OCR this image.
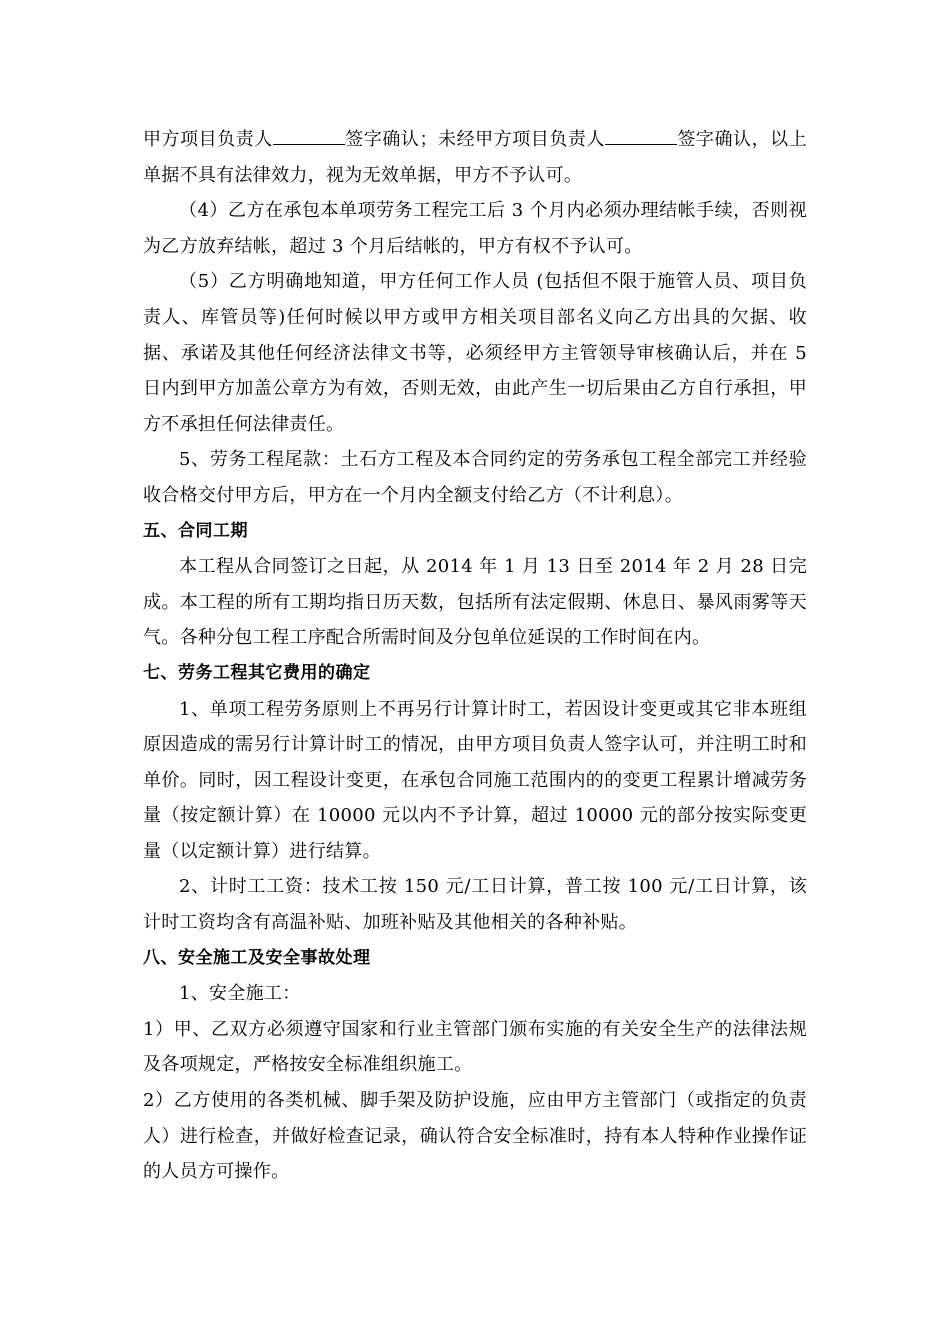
甲方项目负责人	签字确认；未经甲方项目负责人	签字确认，以上单据不具有法律效力，视为无效单据，甲方不予认可。

（4）乙方在承包本单项劳务工程完工后 3 个月内必须办理结帐手续，否则视为乙方放弃结帐，超过 3 个月后结帐的，甲方有权不予认可。

（5）乙方明确地知道，甲方任何工作人员 (包括但不限于施管人员、项目负责人、库管员等)任何时候以甲方或甲方相关项目部名义向乙方出具的欠据、收据、承诺及其他任何经济法律文书等，必须经甲方主管领导审核确认后，并在 5 日内到甲方加盖公章方为有效，否则无效，由此产生一切后果由乙方自行承担，甲方不承担任何法律责任。

5、劳务工程尾款：土石方工程及本合同约定的劳务承包工程全部完工并经验收合格交付甲方后，甲方在一个月内全额支付给乙方（不计利息）。

五、合同工期

本工程从合同签订之日起，从 2014 年 1 月 13 日至 2014 年 2 月 28 日完成。本工程的所有工期均指日历天数，包括所有法定假期、休息日、暴风雨雾等天气。各种分包工程工序配合所需时间及分包单位延误的工作时间在内。

七、劳务工程其它费用的确定

1、单项工程劳务原则上不再另行计算计时工，若因设计变更或其它非本班组原因造成的需另行计算计时工的情况，由甲方项目负责人签字认可，并注明工时和单价。同时，因工程设计变更，在承包合同施工范围内的的变更工程累计增减劳务量（按定额计算）在 10000 元以内不予计算，超过 10000 元的部分按实际变更量（以定额计算）进行结算。

2、计时工工资：技术工按 150 元/工日计算，普工按 100 元/工日计算，该计时工资均含有高温补贴、加班补贴及其他相关的各种补贴。

八、安全施工及安全事故处理

1、安全施工：

1）甲、乙双方必须遵守国家和行业主管部门颁布实施的有关安全生产的法律法规及各项规定，严格按安全标准组织施工。

2）乙方使用的各类机械、脚手架及防护设施，应由甲方主管部门（或指定的负责人）进行检查，并做好检查记录，确认符合安全标准时，持有本人特种作业操作证的人员方可操作。
